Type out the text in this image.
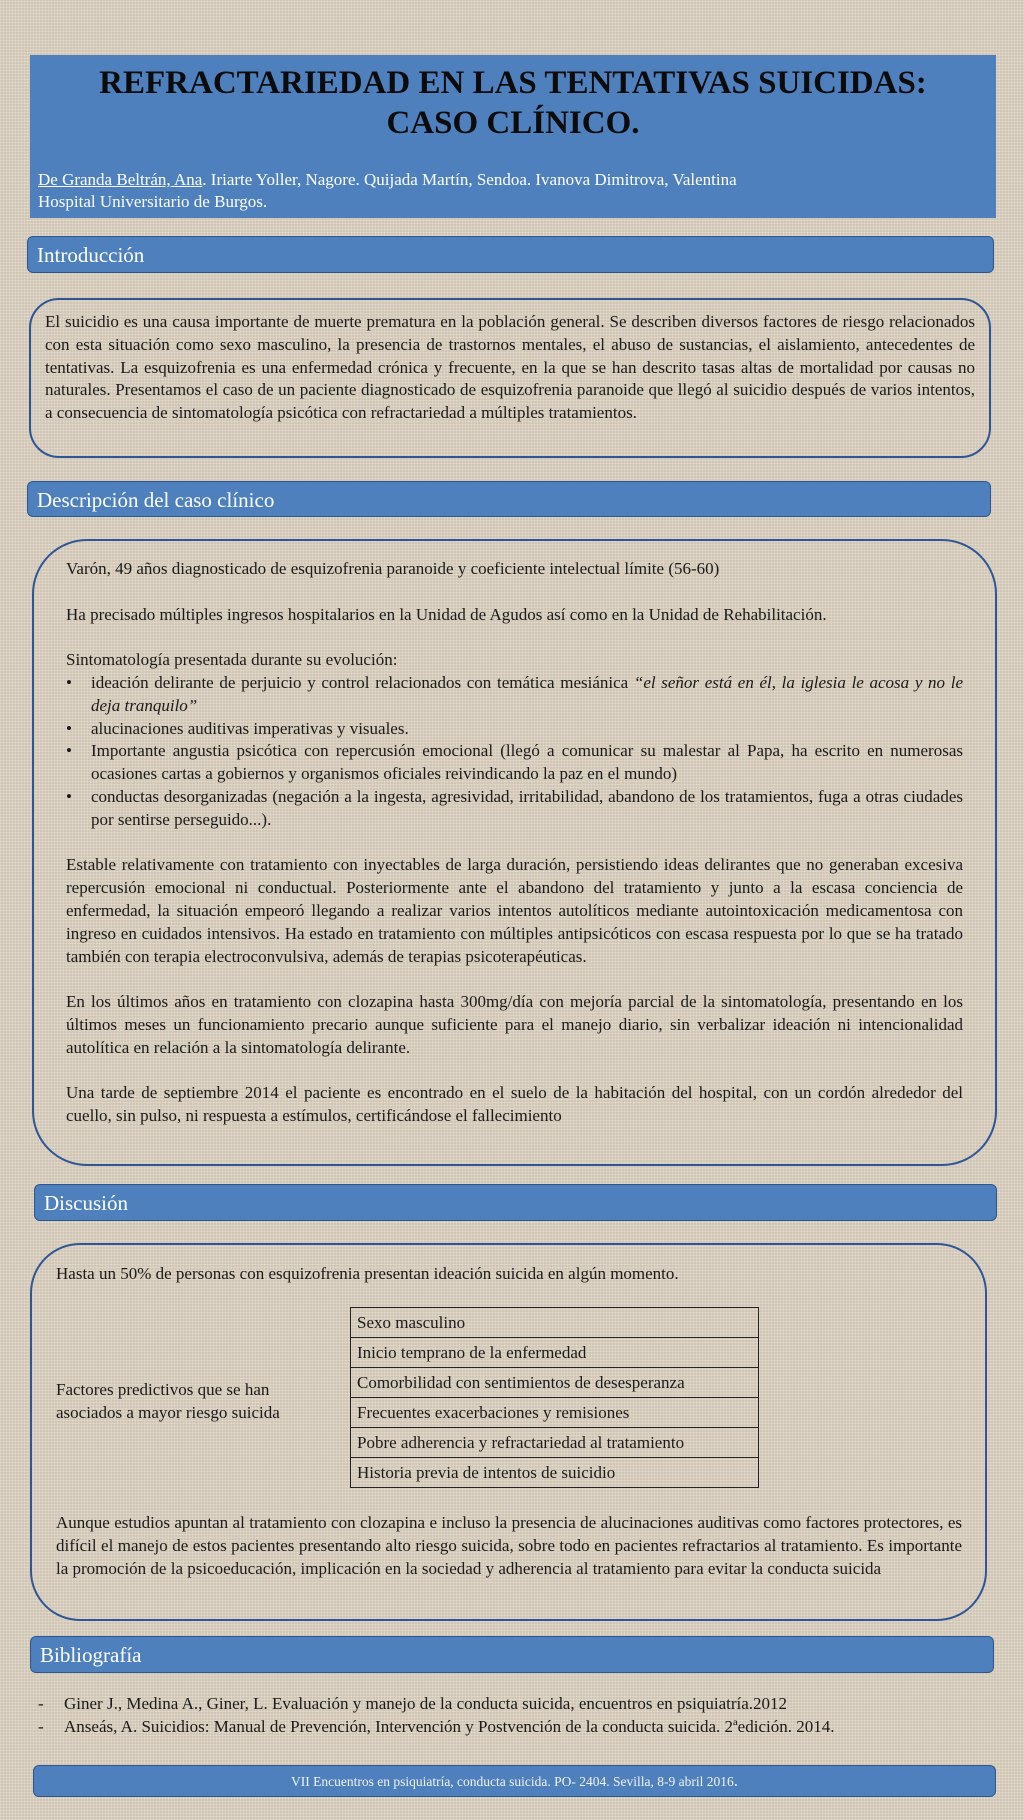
REFRACTARIEDAD EN LAS TENTATIVAS SUICIDAS:
CASO CLÍNICO.
De Granda Beltrán, Ana. Iriarte Yoller, Nagore. Quijada Martín, Sendoa. Ivanova Dimitrova, Valentina
Hospital Universitario de Burgos.
Introducción

El suicidio es una causa importante de muerte prematura en la población general. Se describen diversos factores de riesgo relacionados con esta situación como sexo masculino, la presencia de trastornos mentales, el abuso de sustancias, el aislamiento, antecedentes de tentativas. La esquizofrenia es una enfermedad crónica y frecuente, en la que se han descrito tasas altas de mortalidad por causas no naturales. Presentamos el caso de un paciente diagnosticado de esquizofrenia paranoide que llegó al suicidio después de varios intentos, a consecuencia de sintomatología psicótica con refractariedad a múltiples tratamientos.

Descripción del caso clínico

Varón, 49 años diagnosticado de esquizofrenia paranoide y coeficiente intelectual límite (56-60)

Ha precisado múltiples ingresos hospitalarios en la Unidad de Agudos así como en la Unidad de Rehabilitación.

Sintomatología presentada durante su evolución:

• ideación delirante de perjuicio y control relacionados con temática mesiánica “el señor está en él, la iglesia le acosa y no le deja tranquilo”
• alucinaciones auditivas imperativas y visuales.
• Importante angustia psicótica con repercusión emocional (llegó a comunicar su malestar al Papa, ha escrito en numerosas ocasiones cartas a gobiernos y organismos oficiales reivindicando la paz en el mundo)
• conductas desorganizadas (negación a la ingesta, agresividad, irritabilidad, abandono de los tratamientos, fuga a otras ciudades por sentirse perseguido...).

Estable relativamente con tratamiento con inyectables de larga duración, persistiendo ideas delirantes que no generaban excesiva repercusión emocional ni conductual. Posteriormente ante el abandono del tratamiento y junto a la escasa conciencia de enfermedad, la situación empeoró llegando a realizar varios intentos autolíticos mediante autointoxicación medicamentosa con ingreso en cuidados intensivos. Ha estado en tratamiento con múltiples antipsicóticos con escasa respuesta por lo que se ha tratado también con terapia electroconvulsiva, además de terapias psicoterapéuticas.

En los últimos años en tratamiento con clozapina hasta 300mg/día con mejoría parcial de la sintomatología, presentando en los últimos meses un funcionamiento precario aunque suficiente para el manejo diario, sin verbalizar ideación ni intencionalidad autolítica en relación a la sintomatología delirante.

Una tarde de septiembre 2014 el paciente es encontrado en el suelo de la habitación del hospital, con un cordón alrededor del cuello, sin pulso, ni respuesta a estímulos, certificándose el fallecimiento

Discusión

Hasta un 50% de personas con esquizofrenia presentan ideación suicida en algún momento.

Factores predictivos que se han
asociados a mayor riesgo suicida
Sexo masculino
Inicio temprano de la enfermedad
Comorbilidad con sentimientos de desesperanza
Frecuentes exacerbaciones y remisiones
Pobre adherencia y refractariedad al tratamiento
Historia previa de intentos de suicidio

Aunque estudios apuntan al tratamiento con clozapina e incluso la presencia de alucinaciones auditivas como factores protectores, es difícil el manejo de estos pacientes presentando alto riesgo suicida, sobre todo en pacientes refractarios al tratamiento. Es importante la promoción de la psicoeducación, implicación en la sociedad y adherencia al tratamiento para evitar la conducta suicida

Bibliografía
- Giner J., Medina A., Giner, L. Evaluación y manejo de la conducta suicida, encuentros en psiquiatría.2012
- Anseás, A. Suicidios: Manual de Prevención, Intervención y Postvención de la conducta suicida. 2ªedición. 2014.
VII Encuentros en psiquiatría, conducta suicida. PO- 2404. Sevilla, 8-9 abril 2016.
